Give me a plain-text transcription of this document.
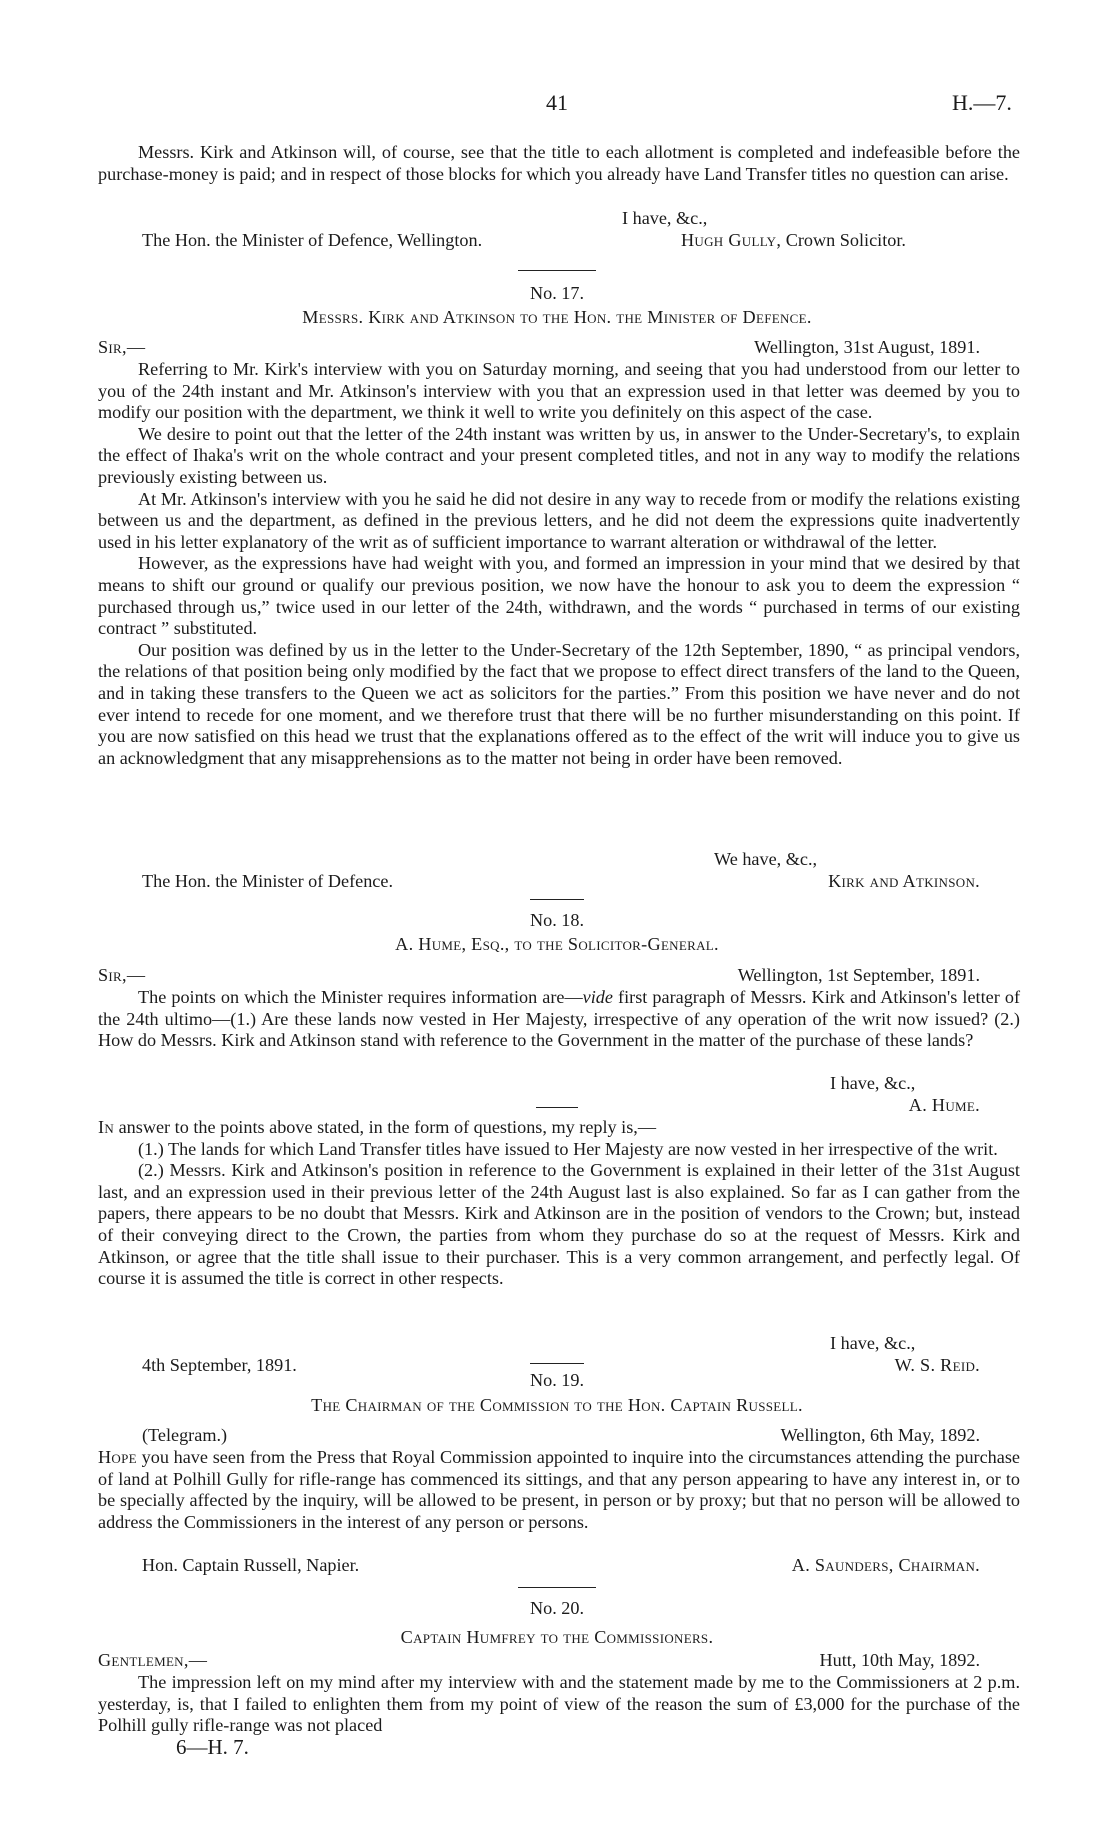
41	H.—7.

Messrs. Kirk and Atkinson will, of course, see that the title to each allotment is completed and indefeasible before the purchase-money is paid; and in respect of those blocks for which you already have Land Transfer titles no question can arise.

I have, &c.,
The Hon. the Minister of Defence, Wellington.	Hugh Gully, Crown Solicitor.
No. 17.
Messrs. Kirk and Atkinson to the Hon. the Minister of Defence.
Sir,—	Wellington, 31st August, 1891.

Referring to Mr. Kirk's interview with you on Saturday morning, and seeing that you had understood from our letter to you of the 24th instant and Mr. Atkinson's interview with you that an expression used in that letter was deemed by you to modify our position with the department, we think it well to write you definitely on this aspect of the case.

We desire to point out that the letter of the 24th instant was written by us, in answer to the Under-Secretary's, to explain the effect of Ihaka's writ on the whole contract and your present completed titles, and not in any way to modify the relations previously existing between us.

At Mr. Atkinson's interview with you he said he did not desire in any way to recede from or modify the relations existing between us and the department, as defined in the previous letters, and he did not deem the expressions quite inadvertently used in his letter explanatory of the writ as of sufficient importance to warrant alteration or withdrawal of the letter.

However, as the expressions have had weight with you, and formed an impression in your mind that we desired by that means to shift our ground or qualify our previous position, we now have the honour to ask you to deem the expression “ purchased through us,” twice used in our letter of the 24th, withdrawn, and the words “ purchased in terms of our existing contract ” substituted.

Our position was defined by us in the letter to the Under-Secretary of the 12th September, 1890, “ as principal vendors, the relations of that position being only modified by the fact that we propose to effect direct transfers of the land to the Queen, and in taking these transfers to the Queen we act as solicitors for the parties.” From this position we have never and do not ever intend to recede for one moment, and we therefore trust that there will be no further misunderstanding on this point. If you are now satisfied on this head we trust that the explanations offered as to the effect of the writ will induce you to give us an acknowledgment that any misapprehensions as to the matter not being in order have been removed.

We have, &c.,
The Hon. the Minister of Defence.	Kirk and Atkinson.
No. 18.
A. Hume, Esq., to the Solicitor-General.
Sir,—	Wellington, 1st September, 1891.

The points on which the Minister requires information are—vide first paragraph of Messrs. Kirk and Atkinson's letter of the 24th ultimo—(1.) Are these lands now vested in Her Majesty, irrespective of any operation of the writ now issued? (2.) How do Messrs. Kirk and Atkinson stand with reference to the Government in the matter of the purchase of these lands?

I have, &c.,
A. Hume.

In answer to the points above stated, in the form of questions, my reply is,—

(1.) The lands for which Land Transfer titles have issued to Her Majesty are now vested in her irrespective of the writ.

(2.) Messrs. Kirk and Atkinson's position in reference to the Government is explained in their letter of the 31st August last, and an expression used in their previous letter of the 24th August last is also explained. So far as I can gather from the papers, there appears to be no doubt that Messrs. Kirk and Atkinson are in the position of vendors to the Crown; but, instead of their conveying direct to the Crown, the parties from whom they purchase do so at the request of Messrs. Kirk and Atkinson, or agree that the title shall issue to their purchaser. This is a very common arrangement, and perfectly legal. Of course it is assumed the title is correct in other respects.

I have, &c.,
4th September, 1891.	W. S. Reid.
No. 19.
The Chairman of the Commission to the Hon. Captain Russell.
(Telegram.)	Wellington, 6th May, 1892.

Hope you have seen from the Press that Royal Commission appointed to inquire into the circumstances attending the purchase of land at Polhill Gully for rifle-range has commenced its sittings, and that any person appearing to have any interest in, or to be specially affected by the inquiry, will be allowed to be present, in person or by proxy; but that no person will be allowed to address the Commissioners in the interest of any person or persons.

Hon. Captain Russell, Napier.	A. Saunders, Chairman.
No. 20.
Captain Humfrey to the Commissioners.
Gentlemen,—	Hutt, 10th May, 1892.

The impression left on my mind after my interview with and the statement made by me to the Commissioners at 2 p.m. yesterday, is, that I failed to enlighten them from my point of view of the reason the sum of £3,000 for the purchase of the Polhill gully rifle-range was not placed

6—H. 7.
